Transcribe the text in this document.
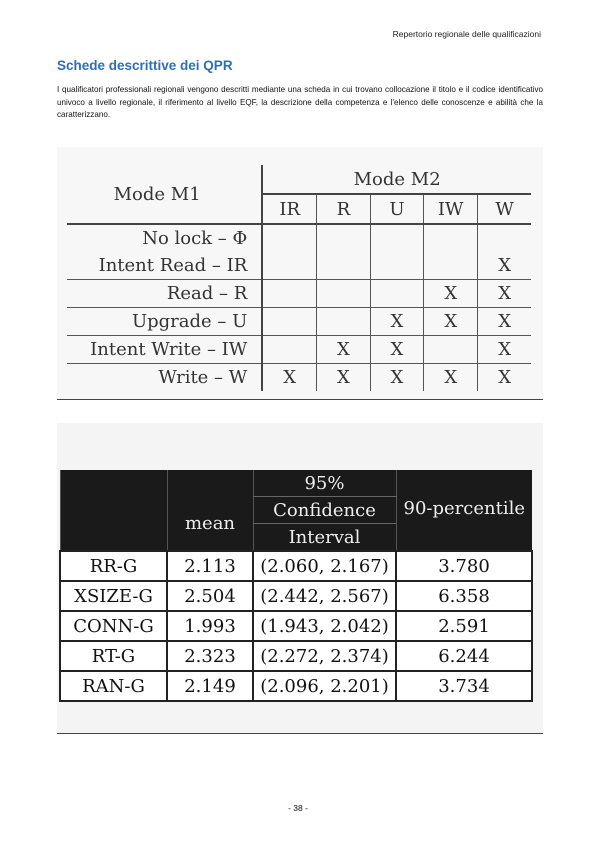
Repertorio regionale delle qualificazioni
Schede descrittive dei QPR

I qualificatori professionali regionali vengono descritti mediante una scheda in cui trovano collocazione il titolo e il codice identificativo univoco a livello regionale, il riferimento al livello EQF, la descrizione della competenza e l'elenco delle conoscenze e abilità che la caratterizzano.

Mode M1	Mode M2				
	IR	R	U	IW	W
No lock – Φ					
Intent Read – IR					X
Read – R				X	X
Upgrade – U			X	X	X
Intent Write – IW		X	X		X
Write – W	X	X	X	X	X
	mean	95%	90-percentile
		Confidence	
		Interval	
RR-G	2.113	(2.060, 2.167)	3.780
XSIZE-G	2.504	(2.442, 2.567)	6.358
CONN-G	1.993	(1.943, 2.042)	2.591
RT-G	2.323	(2.272, 2.374)	6.244
RAN-G	2.149	(2.096, 2.201)	3.734
- 38 -
